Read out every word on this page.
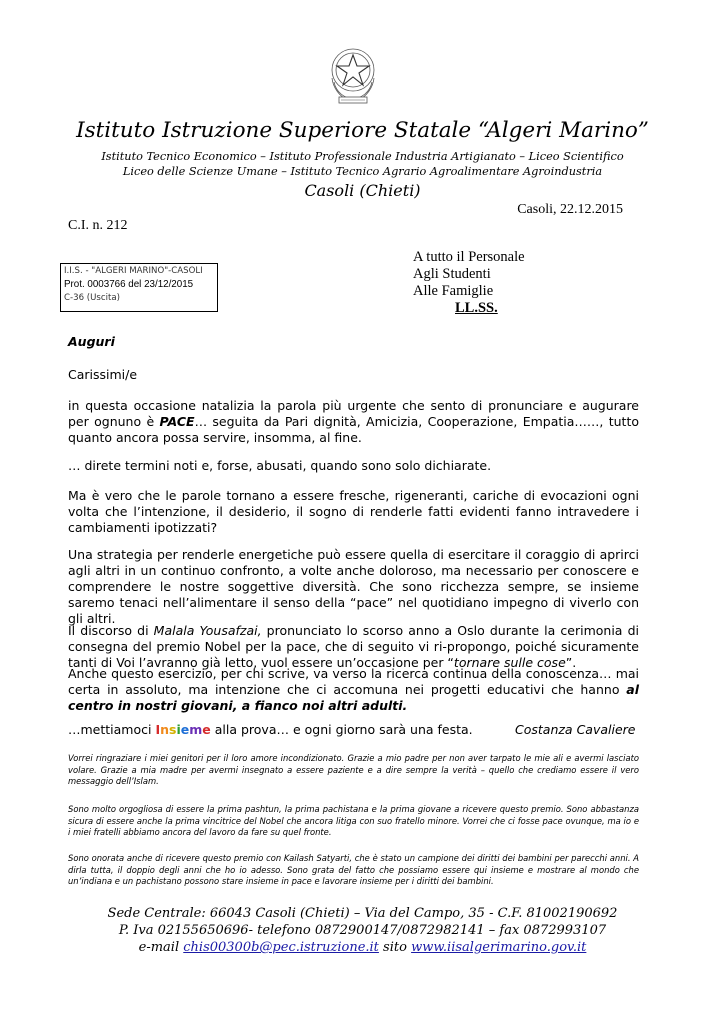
Istituto Istruzione Superiore Statale “Algeri Marino”
Istituto Tecnico Economico – Istituto Professionale Industria Artigianato – Liceo Scientifico
Liceo delle Scienze Umane – Istituto Tecnico Agrario Agroalimentare Agroindustria
Casoli (Chieti)
Casoli, 22.12.2015
C.I. n. 212
I.I.S. - "ALGERI MARINO"-CASOLI
Prot. 0003766 del 23/12/2015
C-36 (Uscita)
A tutto il Personale
Agli Studenti
Alle Famiglie
LL.SS.
Auguri
Carissimi/e
in questa occasione natalizia la parola più urgente che sento di pronunciare e augurare per ognuno è PACE… seguita da Pari dignità, Amicizia, Cooperazione, Empatia……, tutto quanto ancora possa servire, insomma, al fine.
… direte termini noti e, forse, abusati, quando sono solo dichiarate.
Ma è vero che le parole tornano a essere fresche, rigeneranti, cariche di evocazioni ogni volta che l’intenzione, il desiderio, il sogno di renderle fatti evidenti fanno intravedere i cambiamenti ipotizzati?
Una strategia per renderle energetiche può essere quella di esercitare il coraggio di aprirci agli altri in un continuo confronto, a volte anche doloroso, ma necessario per conoscere e comprendere le nostre soggettive diversità. Che sono ricchezza sempre, se insieme saremo tenaci nell’alimentare il senso della “pace” nel quotidiano impegno di viverlo con gli altri.
Il discorso di Malala Yousafzai, pronunciato lo scorso anno a Oslo durante la cerimonia di consegna del premio Nobel per la pace, che di seguito vi ri-propongo, poiché sicuramente tanti di Voi l’avranno già letto, vuol essere un’occasione per “tornare sulle cose”.
Anche questo esercizio, per chi scrive, va verso la ricerca continua della conoscenza… mai certa in assoluto, ma intenzione che ci accomuna nei progetti educativi che hanno al centro in nostri giovani, a fianco noi altri adulti.
…mettiamoci Insieme alla prova… e ogni giorno sarà una festa.	Costanza Cavaliere
Vorrei ringraziare i miei genitori per il loro amore incondizionato. Grazie a mio padre per non aver tarpato le mie ali e avermi lasciato volare. Grazie a mia madre per avermi insegnato a essere paziente e a dire sempre la verità – quello che crediamo essere il vero messaggio dell’Islam.
Sono molto orgogliosa di essere la prima pashtun, la prima pachistana e la prima giovane a ricevere questo premio. Sono abbastanza sicura di essere anche la prima vincitrice del Nobel che ancora litiga con suo fratello minore. Vorrei che ci fosse pace ovunque, ma io e i miei fratelli abbiamo ancora del lavoro da fare su quel fronte.
Sono onorata anche di ricevere questo premio con Kailash Satyarti, che è stato un campione dei diritti dei bambini per parecchi anni. A dirla tutta, il doppio degli anni che ho io adesso. Sono grata del fatto che possiamo essere qui insieme e mostrare al mondo che un’indiana e un pachistano possono stare insieme in pace e lavorare insieme per i diritti dei bambini.
Sede Centrale: 66043 Casoli (Chieti) – Via del Campo, 35 - C.F. 81002190692
P. Iva 02155650696- telefono 0872900147/0872982141 – fax 0872993107
e-mail chis00300b@pec.istruzione.it sito www.iisalgerimarino.gov.it
